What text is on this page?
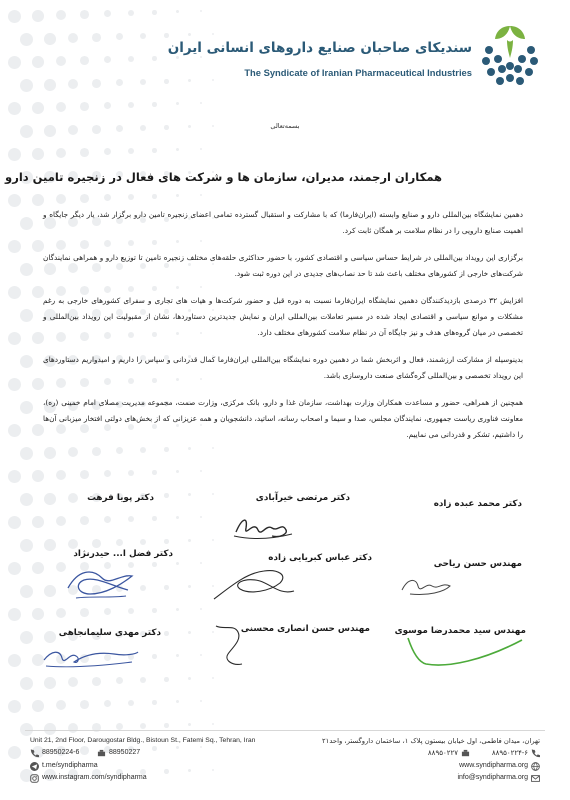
سندیکای صاحبان صنایع داروهای انسانی ایران
The Syndicate of Iranian Pharmaceutical Industries
بسمه‌تعالی
همکاران ارجمند، مدیران، سازمان ها و شرکت های فعال در زنجیره تامین دارو

دهمین نمایشگاه بین‌المللی دارو و صنایع وابسته (ایران‌فارما) که با مشارکت و استقبال گسترده تمامی اعضای زنجیره تامین دارو برگزار شد، یار دیگر جایگاه و اهمیت صنایع دارویی را در نظام سلامت بر همگان ثابت کرد.

برگزاری این رویداد بین‌المللی در شرایط حساس سیاسی و اقتصادی کشور، با حضور حداکثری حلقه‌های مختلف زنجیره تامین تا توزیع دارو و همراهی نمایندگان شرکت‌های خارجی از کشورهای مختلف باعث شد تا حد نصاب‌های جدیدی در این دوره ثبت شود.

افزایش ۳۲ درصدی بازدیدکنندگان دهمین نمایشگاه ایران‌فارما نسبت به دوره قبل و حضور شرکت‌ها و هیات های تجاری و سفرای کشورهای خارجی به رغم مشکلات و موانع سیاسی و اقتصادی ایجاد شده در مسیر تعاملات بین‌المللی ایران و نمایش جدیدترین دستاوردها، نشان از مقبولیت این رویداد بین‌المللی و تخصصی در میان گروه‌های هدف و نیز جایگاه آن در نظام سلامت کشورهای مختلف دارد.

بدینوسیله از مشارکت ارزشمند، فعال و اثربخش شما در دهمین دوره نمایشگاه بین‌المللی ایران‌فارما کمال قدردانی و سپاس را داریم و امیدواریم دستاوردهای این رویداد تخصصی و بین‌المللی گره‌گشای صنعت داروسازی باشد.

همچنین از همراهی، حضور و مساعدت همکاران وزارت بهداشت، سازمان غذا و دارو، بانک مرکزی، وزارت صمت، مجموعه مدیریت مصلای امام خمینی (ره)، معاونت فناوری ریاست جمهوری، نمایندگان مجلس، صدا و سیما و اصحاب رسانه، اساتید، دانشجویان و همه عزیزانی که از بخش‌های دولتی افتخار میزبانی آن‌ها را داشتیم، تشکر و قدردانی می نماییم.

دکتر محمد عبده زاده
دکتر مرتضی خیرآبادی
دکتر پویا فرهت
مهندس حسن ریاحی
دکتر عباس کبریایی زاده
دکتر فضل ا... حیدرنژاد
مهندس سید محمدرضا موسوی
مهندس حسن انصاری محسنی
دکتر مهدی سلیمانجاهی
Unit 21, 2nd Floor, Darougostar Bldg., Bistoun St., Fatemi Sq., Tehran, Iran	تهران، میدان فاطمی، اول خیابان بیستون پلاک ۱، ساختمان داروگستر، واحد۲۱
88950224-6	88950227	۸۸۹۵۰۲۲۷	۸۸۹۵۰۲۲۴-۶
t.me/syndipharma	www.syndipharma.org
www.instagram.com/syndipharma	info@syndipharma.org
